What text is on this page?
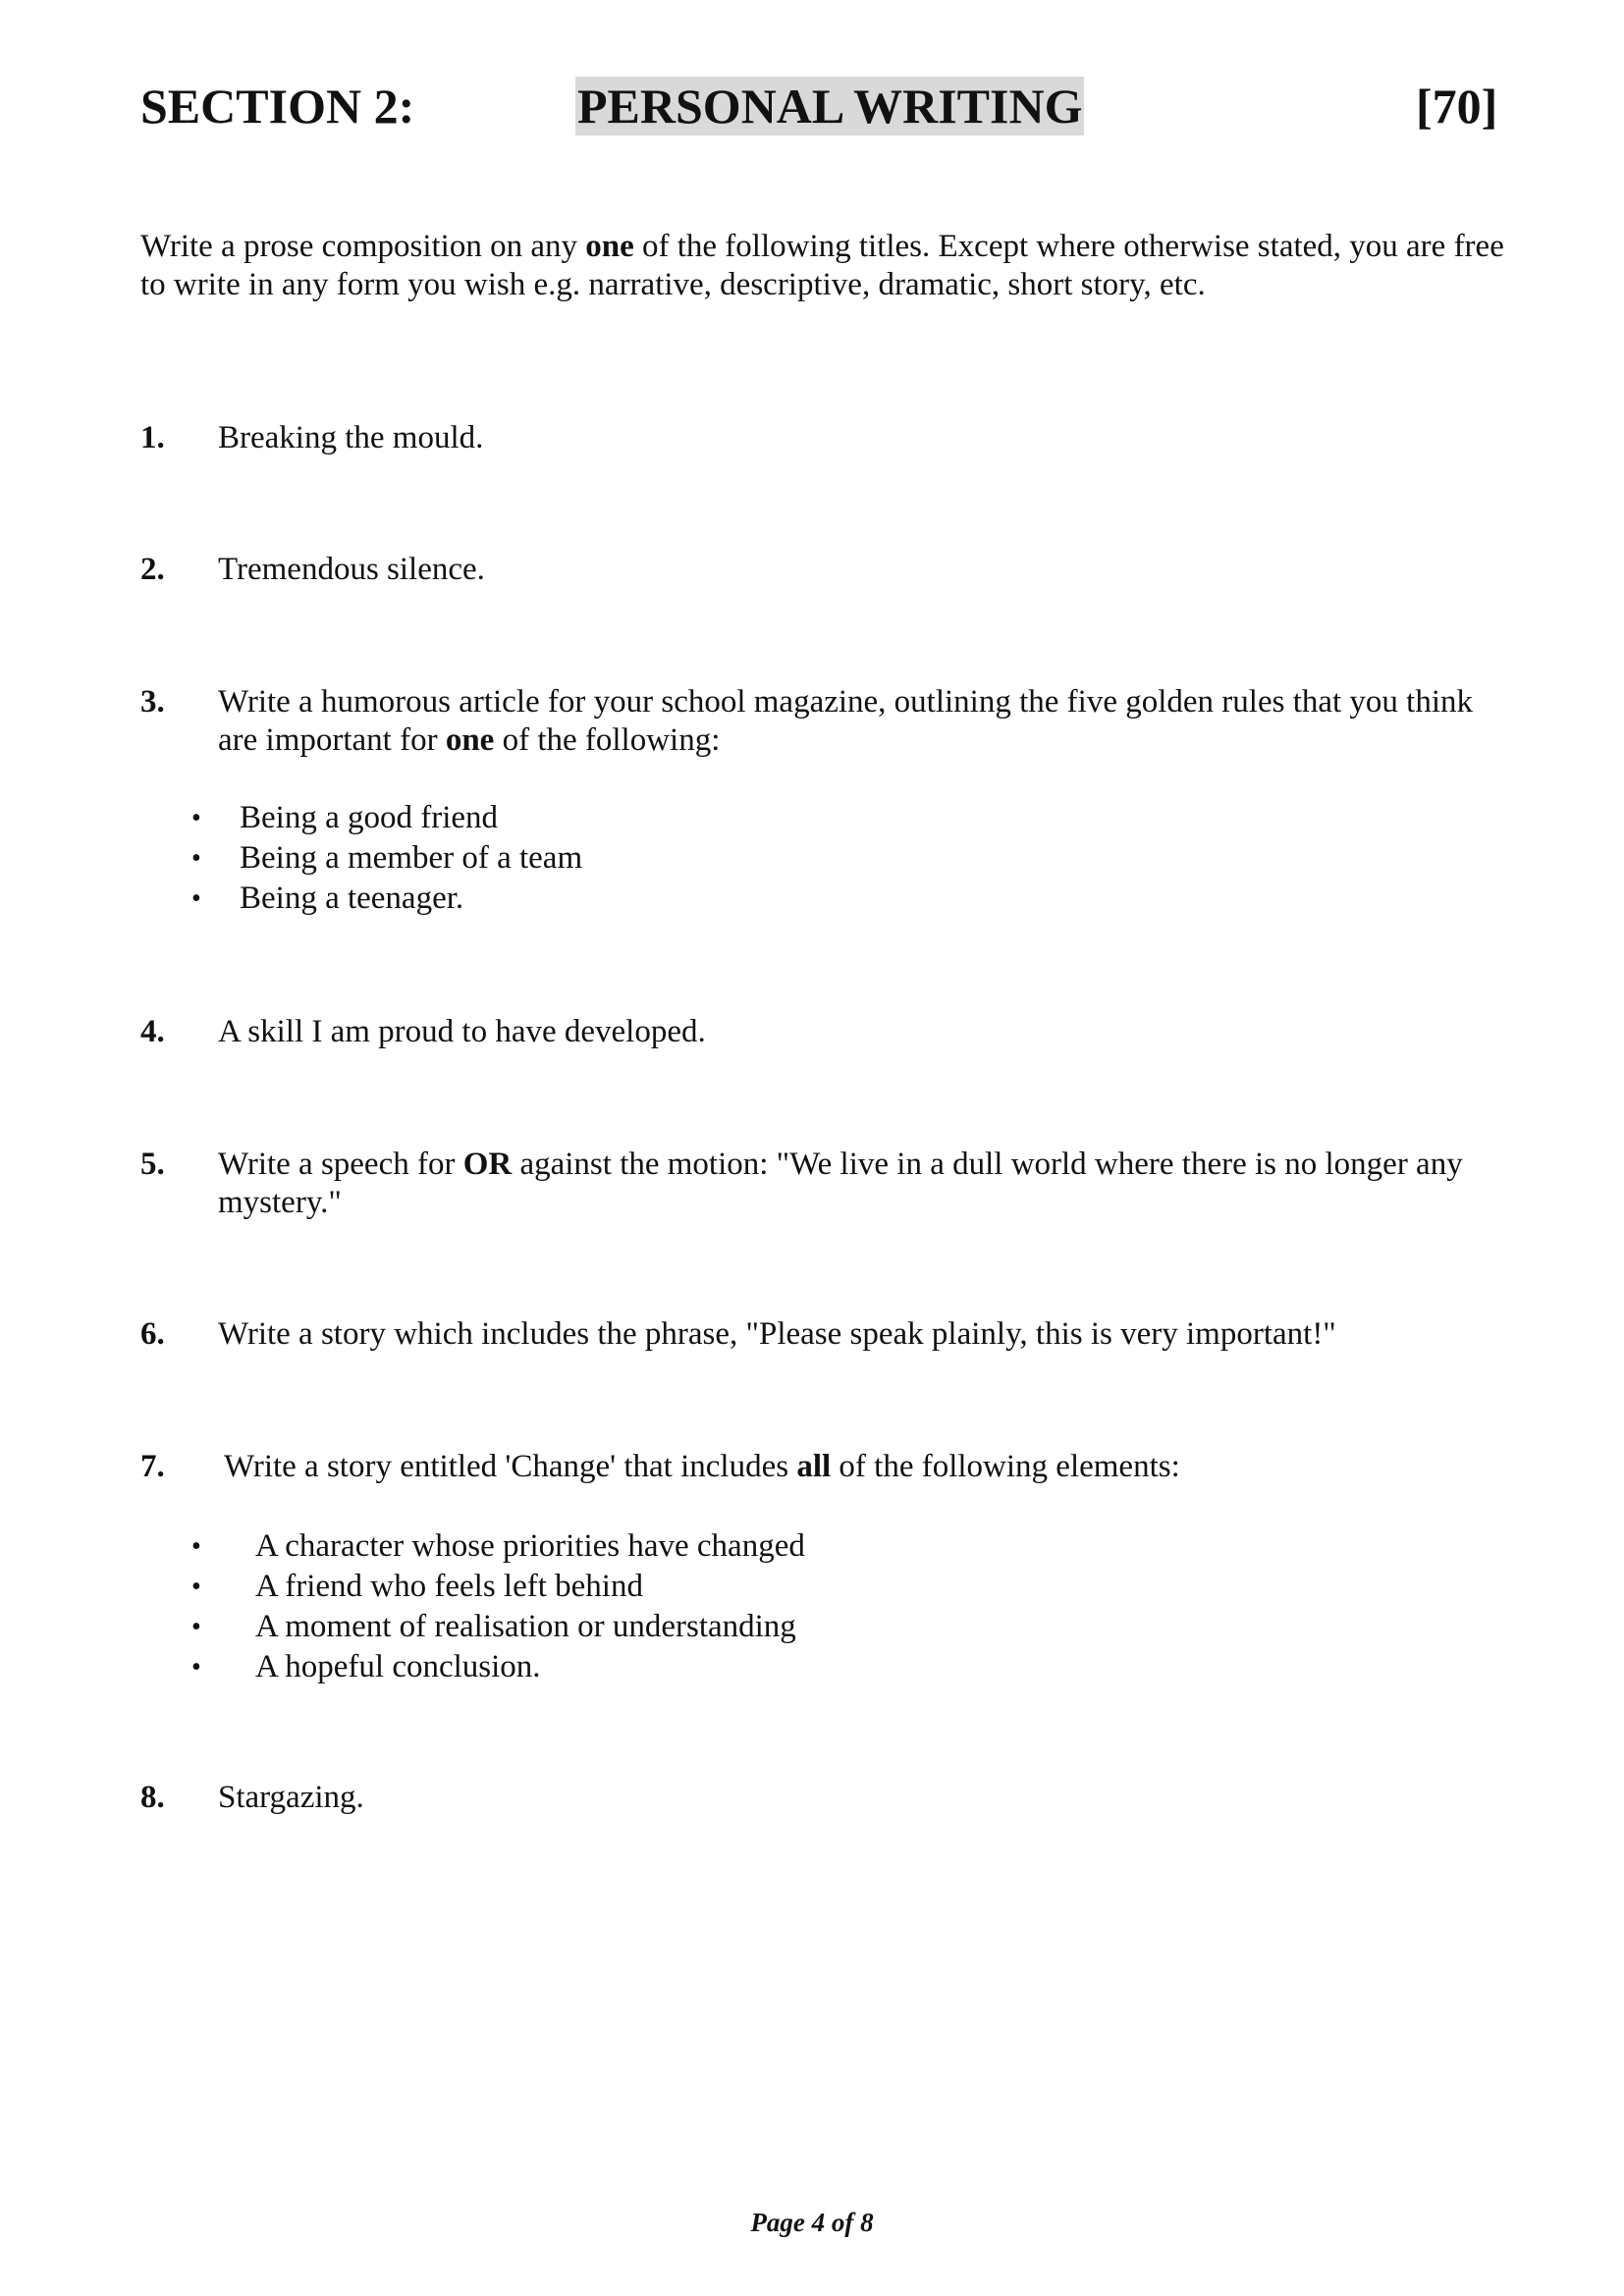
SECTION 2:	PERSONAL WRITING	[70]
Write a prose composition on any one of the following titles. Except where otherwise stated, you are free to write in any form you wish e.g. narrative, descriptive, dramatic, short story, etc.
1. Breaking the mould.
2. Tremendous silence.
3. Write a humorous article for your school magazine, outlining the five golden rules that you think are important for one of the following:
• Being a good friend
• Being a member of a team
• Being a teenager.
4. A skill I am proud to have developed.
5. Write a speech for OR against the motion: "We live in a dull world where there is no longer any mystery."
6. Write a story which includes the phrase, "Please speak plainly, this is very important!"
7. Write a story entitled 'Change' that includes all of the following elements:
• A character whose priorities have changed
• A friend who feels left behind
• A moment of realisation or understanding
• A hopeful conclusion.
8. Stargazing.
Page 4 of 8
